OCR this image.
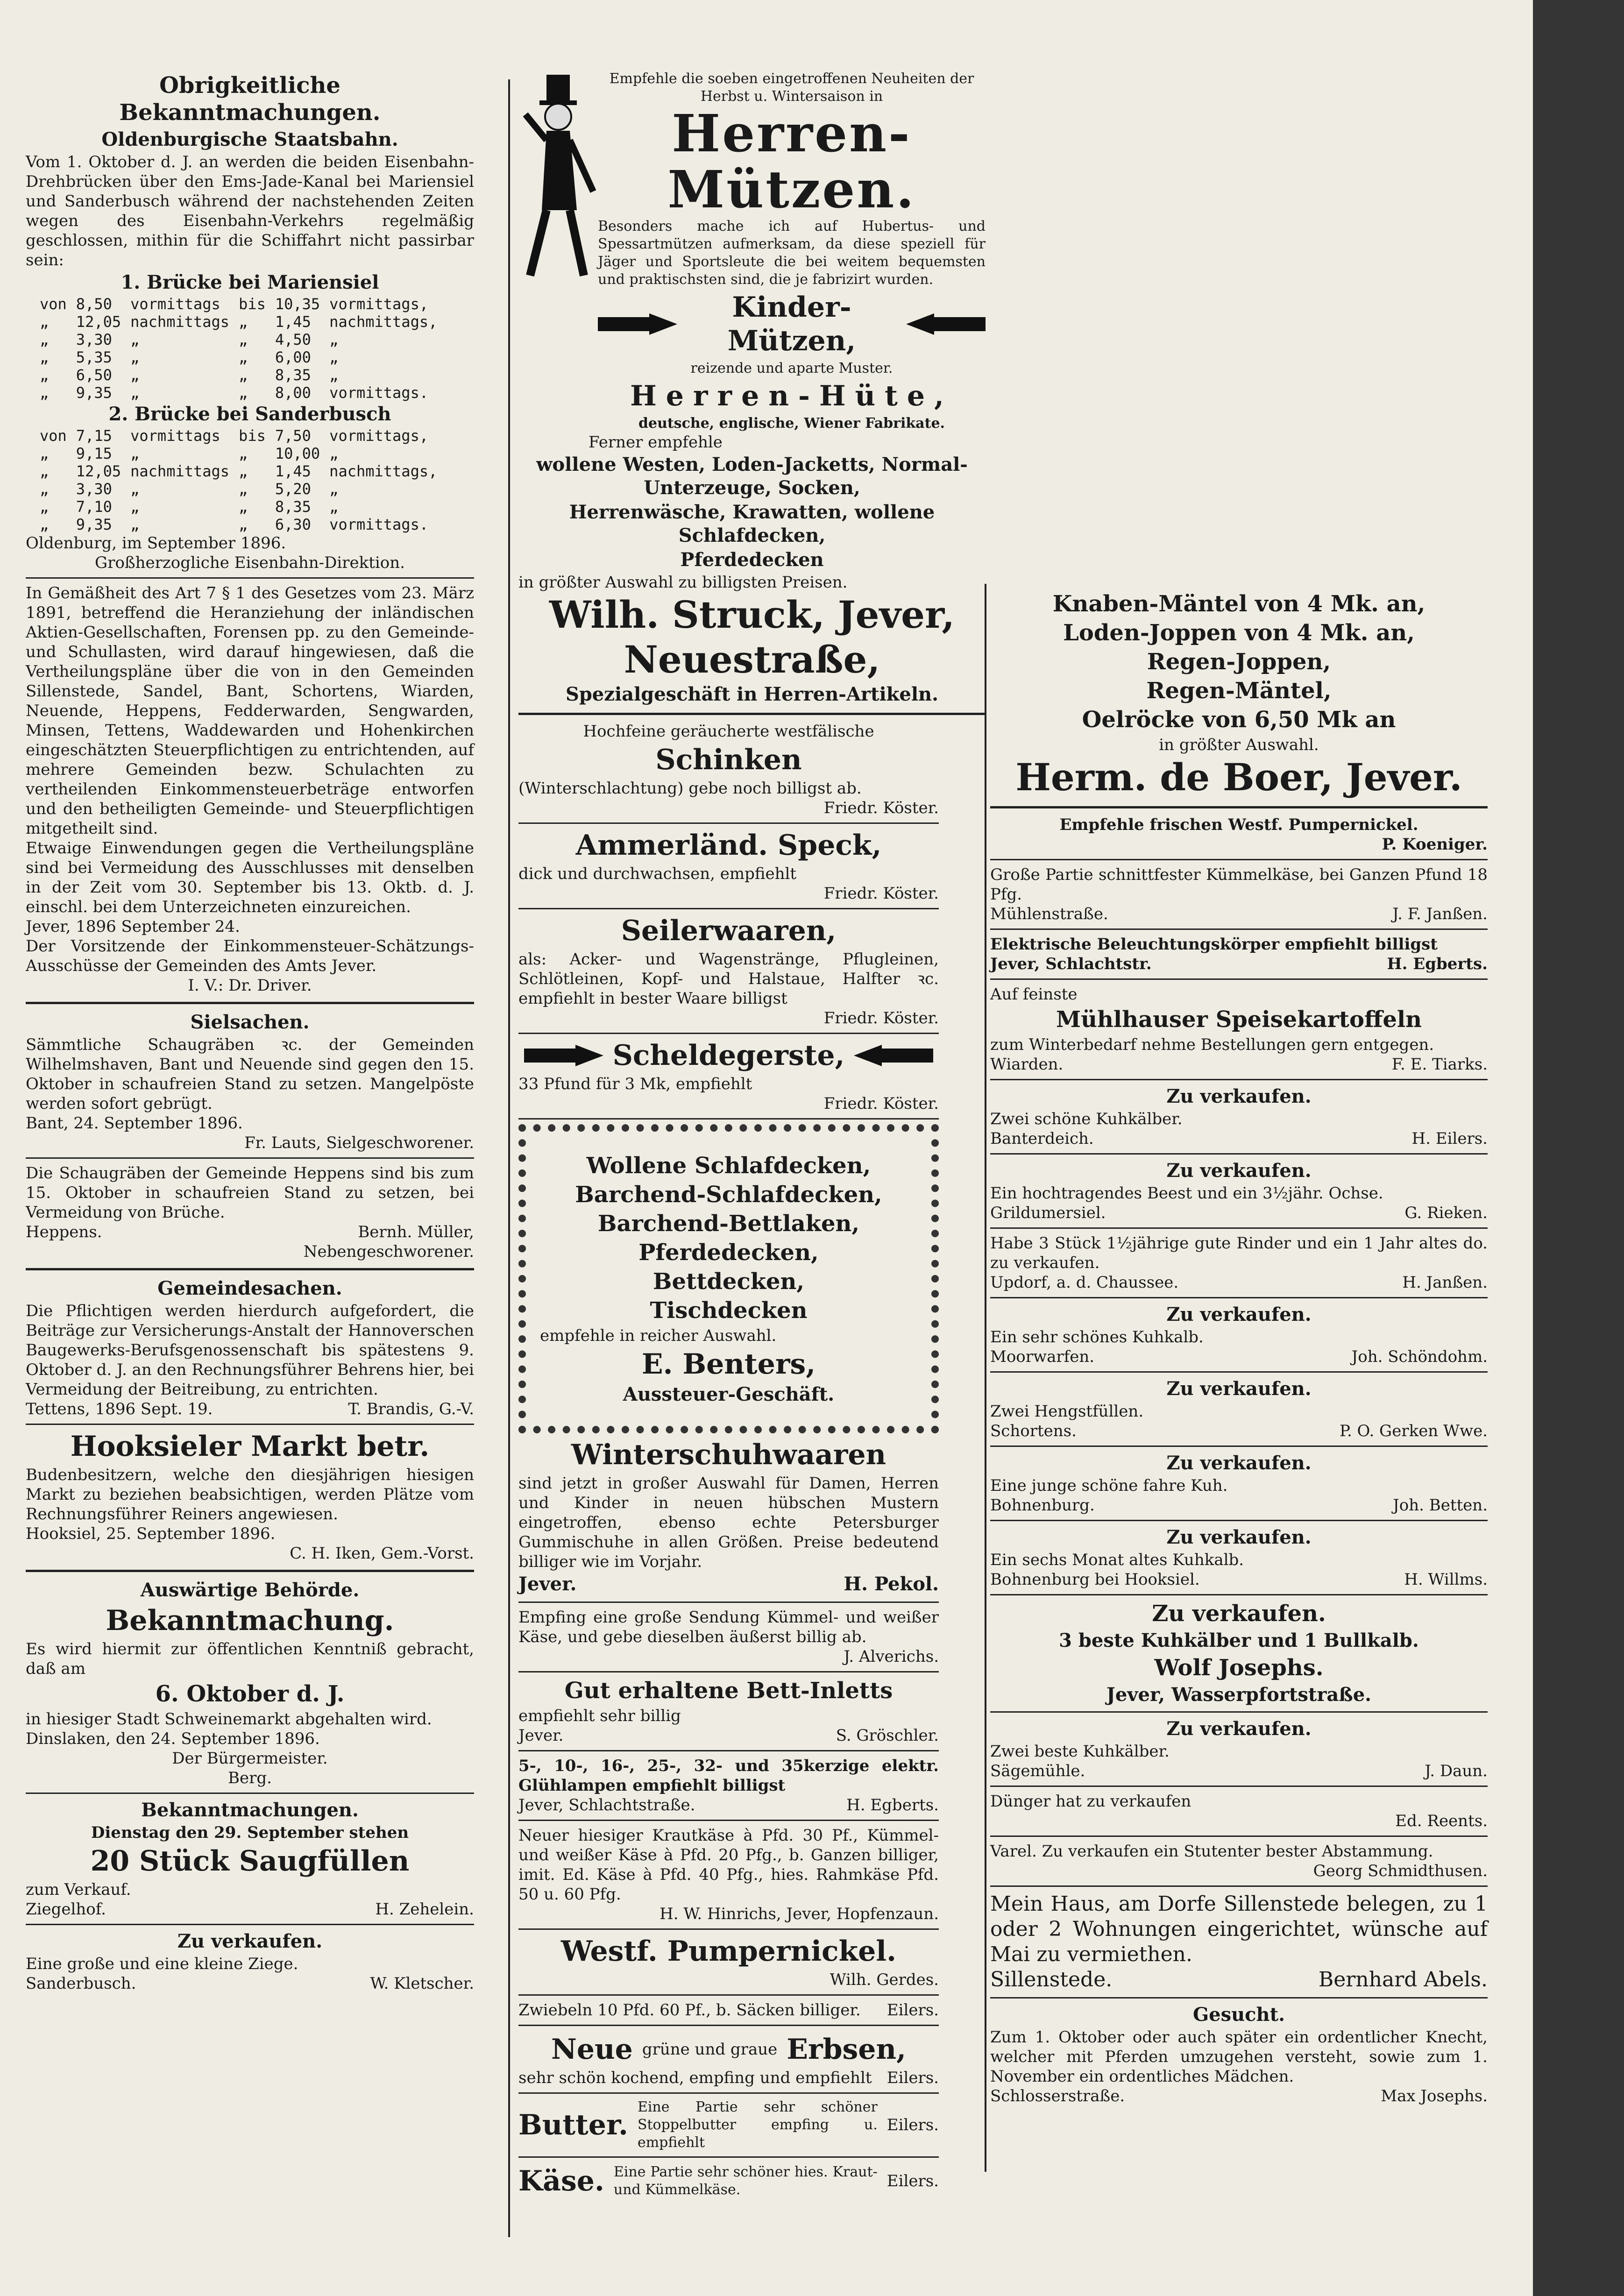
Obrigkeitliche Bekanntmachungen.
Oldenburgische Staatsbahn.

Vom 1. Oktober d. J. an werden die beiden Eisenbahn-Drehbrücken über den Ems-Jade-Kanal bei Mariensiel und Sanderbusch während der nachstehenden Zeiten wegen des Eisenbahn-Verkehrs regelmäßig geschlossen, mithin für die Schiffahrt nicht passirbar sein:

1. Brücke bei Mariensiel
von	8,50	vormittags	bis	10,35	vormittags,
„	12,05	nachmittags	„	1,45	nachmittags,
„	3,30	„	„	4,50	„
„	5,35	„	„	6,00	„
„	6,50	„	„	8,35	„
„	9,35	„	„	8,00	vormittags.
2. Brücke bei Sanderbusch
von	7,15	vormittags	bis	7,50	vormittags,
„	9,15	„	„	10,00	„
„	12,05	nachmittags	„	1,45	nachmittags,
„	3,30	„	„	5,20	„
„	7,10	„	„	8,35	„
„	9,35	„	„	6,30	vormittags.

Oldenburg, im September 1896.

Großherzogliche Eisenbahn-Direktion.

In Gemäßheit des Art 7 § 1 des Gesetzes vom 23. März 1891, betreffend die Heranziehung der inländischen Aktien-Gesellschaften, Forensen pp. zu den Gemeinde- und Schullasten, wird darauf hingewiesen, daß die Vertheilungspläne über die von in den Gemeinden Sillenstede, Sandel, Bant, Schortens, Wiarden, Neuende, Heppens, Fedderwarden, Sengwarden, Minsen, Tettens, Waddewarden und Hohenkirchen eingeschätzten Steuerpflichtigen zu entrichtenden, auf mehrere Gemeinden bezw. Schulachten zu vertheilenden Einkommensteuerbeträge entworfen und den betheiligten Gemeinde- und Steuerpflichtigen mitgetheilt sind.

Etwaige Einwendungen gegen die Vertheilungspläne sind bei Vermeidung des Ausschlusses mit denselben in der Zeit vom 30. September bis 13. Oktb. d. J. einschl. bei dem Unterzeichneten einzureichen.

Jever, 1896 September 24.

Der Vorsitzende der Einkommensteuer-Schätzungs-Ausschüsse der Gemeinden des Amts Jever.

I. V.: Dr. Driver.

Sielsachen.

Sämmtliche Schaugräben ꝛc. der Gemeinden Wilhelmshaven, Bant und Neuende sind gegen den 15. Oktober in schaufreien Stand zu setzen. Mangelpöste werden sofort gebrügt.

Bant, 24. September 1896.

Fr. Lauts, Sielgeschworener.

Die Schaugräben der Gemeinde Heppens sind bis zum 15. Oktober in schaufreien Stand zu setzen, bei Vermeidung von Brüche.

Heppens.	Bernh. Müller,

Nebengeschworener.

Gemeindesachen.

Die Pflichtigen werden hierdurch aufgefordert, die Beiträge zur Versicherungs-Anstalt der Hannoverschen Baugewerks-Berufsgenossenschaft bis spätestens 9. Oktober d. J. an den Rechnungsführer Behrens hier, bei Vermeidung der Beitreibung, zu entrichten.

Tettens, 1896 Sept. 19.	T. Brandis, G.-V.
Hooksieler Markt betr.

Budenbesitzern, welche den diesjährigen hiesigen Markt zu beziehen beabsichtigen, werden Plätze vom Rechnungsführer Reiners angewiesen.

Hooksiel, 25. September 1896.

C. H. Iken, Gem.-Vorst.

Auswärtige Behörde.
Bekanntmachung.

Es wird hiermit zur öffentlichen Kenntniß gebracht, daß am

6. Oktober d. J.

in hiesiger Stadt Schweinemarkt abgehalten wird.

Dinslaken, den 24. September 1896.

Der Bürgermeister.

Berg.

Bekanntmachungen.

Dienstag den 29. September stehen

20 Stück Saugfüllen

zum Verkauf.

Ziegelhof.	H. Zehelein.
Zu verkaufen.

Eine große und eine kleine Ziege.

Sanderbusch.	W. Kletscher.

Empfehle die soeben eingetroffenen Neuheiten der Herbst u. Wintersaison in

Herren-Mützen.

Besonders mache ich auf Hubertus- und Spessartmützen aufmerksam, da diese speziell für Jäger und Sportsleute die bei weitem bequemsten und praktischsten sind, die je fabrizirt wurden.

Kinder-Mützen,

reizende und aparte Muster.

Herren-Hüte,

deutsche, englische, Wiener Fabrikate.

Ferner empfehle

wollene Westen, Loden-Jacketts, Normal-Unterzeuge, Socken,
Herrenwäsche, Krawatten, wollene Schlafdecken,
Pferdedecken

in größter Auswahl zu billigsten Preisen.

Wilh. Struck, Jever, Neuestraße,
Spezialgeschäft in Herren-Artikeln.

Hochfeine geräucherte westfälische

Schinken

(Winterschlachtung) gebe noch billigst ab.

Friedr. Köster.

Ammerländ. Speck,

dick und durchwachsen, empfiehlt

Friedr. Köster.

Seilerwaaren,

als: Acker- und Wagenstränge, Pflugleinen, Schlötleinen, Kopf- und Halstaue, Halfter ꝛc. empfiehlt in bester Waare billigst

Friedr. Köster.

Scheldegerste,

33 Pfund für 3 Mk, empfiehlt

Friedr. Köster.

Wollene Schlafdecken,
Barchend-Schlafdecken,
Barchend-Bettlaken,
Pferdedecken,
Bettdecken,
Tischdecken

empfehle in reicher Auswahl.

E. Benters,
Aussteuer-Geschäft.
Winterschuhwaaren

sind jetzt in großer Auswahl für Damen, Herren und Kinder in neuen hübschen Mustern eingetroffen, ebenso echte Petersburger Gummischuhe in allen Größen. Preise bedeutend billiger wie im Vorjahr.

Jever.	H. Pekol.

Empfing eine große Sendung Kümmel- und weißer Käse, und gebe dieselben äußerst billig ab.

J. Alverichs.

Gut erhaltene Bett-Inletts

empfiehlt sehr billig

Jever.	S. Gröschler.

5-, 10-, 16-, 25-, 32- und 35kerzige elektr. Glühlampen empfiehlt billigst

Jever, Schlachtstraße.	H. Egberts.

Neuer hiesiger Krautkäse à Pfd. 30 Pf., Kümmel- und weißer Käse à Pfd. 20 Pfg., b. Ganzen billiger, imit. Ed. Käse à Pfd. 40 Pfg., hies. Rahmkäse Pfd. 50 u. 60 Pfg.

H. W. Hinrichs, Jever, Hopfenzaun.

Westf. Pumpernickel.

Wilh. Gerdes.

Zwiebeln 10 Pfd. 60 Pf., b. Säcken billiger. Eilers.
Neue grüne und graue Erbsen,
sehr schön kochend, empfing und empfiehlt Eilers.
Butter.
Eine Partie sehr schöner Stoppelbutter empfing u. empfiehlt
Eilers.
Käse. Eine Partie sehr schöner hies. Kraut- und Kümmelkäse.	Eilers.
Knaben-Mäntel von 4 Mk. an,
Loden-Joppen von 4 Mk. an,
Regen-Joppen,
Regen-Mäntel,
Oelröcke von 6,50 Mk an

in größter Auswahl.

Herm. de Boer, Jever.

Empfehle frischen Westf. Pumpernickel.

P. Koeniger.

Große Partie schnittfester Kümmelkäse, bei Ganzen Pfund 18 Pfg.

Mühlenstraße.	J. F. Janßen.

Elektrische Beleuchtungskörper empfiehlt billigst

Jever, Schlachtstr.	H. Egberts.

Auf feinste

Mühlhauser Speisekartoffeln

zum Winterbedarf nehme Bestellungen gern entgegen.

Wiarden.	F. E. Tiarks.
Zu verkaufen.

Zwei schöne Kuhkälber.

Banterdeich.	H. Eilers.
Zu verkaufen.

Ein hochtragendes Beest und ein 3½jähr. Ochse.

Grildumersiel.	G. Rieken.

Habe 3 Stück 1½jährige gute Rinder und ein 1 Jahr altes do. zu verkaufen.

Updorf, a. d. Chaussee.	H. Janßen.
Zu verkaufen.

Ein sehr schönes Kuhkalb.

Moorwarfen.	Joh. Schöndohm.
Zu verkaufen.

Zwei Hengstfüllen.

Schortens.	P. O. Gerken Wwe.
Zu verkaufen.

Eine junge schöne fahre Kuh.

Bohnenburg.	Joh. Betten.
Zu verkaufen.

Ein sechs Monat altes Kuhkalb.

Bohnenburg bei Hooksiel.	H. Willms.
Zu verkaufen.
3 beste Kuhkälber und 1 Bullkalb.
Wolf Josephs.
Jever, Wasserpfortstraße.
Zu verkaufen.

Zwei beste Kuhkälber.

Sägemühle.	J. Daun.

Dünger hat zu verkaufen

Ed. Reents.

Varel. Zu verkaufen ein Stutenter bester Abstammung.

Georg Schmidthusen.

Mein Haus, am Dorfe Sillenstede belegen, zu 1 oder 2 Wohnungen eingerichtet, wünsche auf Mai zu vermiethen.

Sillenstede.	Bernhard Abels.
Gesucht.

Zum 1. Oktober oder auch später ein ordentlicher Knecht, welcher mit Pferden umzugehen versteht, sowie zum 1. November ein ordentliches Mädchen.

Schlosserstraße.	Max Josephs.
